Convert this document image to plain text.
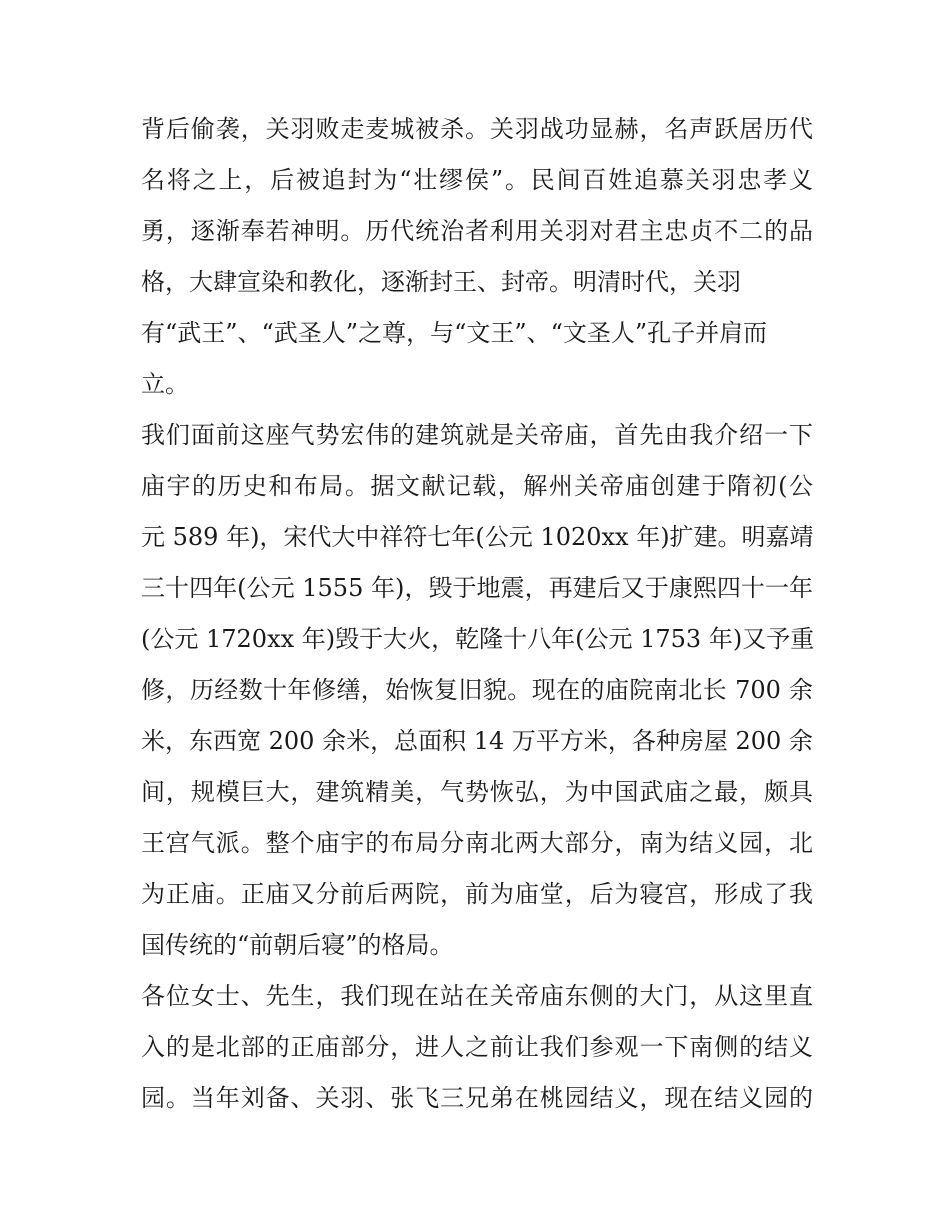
背后偷袭，关羽败走麦城被杀。关羽战功显赫，名声跃居历代
名将之上，后被追封为“壮缪侯”。民间百姓追慕关羽忠孝义
勇，逐渐奉若神明。历代统治者利用关羽对君主忠贞不二的品
格，大肆宣染和教化，逐渐封王、封帝。明清时代，关羽
有“武王”、“武圣人”之尊，与“文王”、“文圣人”孔子并肩而
立。
我们面前这座气势宏伟的建筑就是关帝庙，首先由我介绍一下
庙宇的历史和布局。据文献记载，解州关帝庙创建于隋初(公
元 589 年)，宋代大中祥符七年(公元 1020xx 年)扩建。明嘉靖
三十四年(公元 1555 年)，毁于地震，再建后又于康熙四十一年
(公元 1720xx 年)毁于大火，乾隆十八年(公元 1753 年)又予重
修，历经数十年修缮，始恢复旧貌。现在的庙院南北长 700 余
米，东西宽 200 余米，总面积 14 万平方米，各种房屋 200 余
间，规模巨大，建筑精美，气势恢弘，为中国武庙之最，颇具
王宫气派。整个庙宇的布局分南北两大部分，南为结义园，北
为正庙。正庙又分前后两院，前为庙堂，后为寝宫，形成了我
国传统的“前朝后寝”的格局。
各位女士、先生，我们现在站在关帝庙东侧的大门，从这里直
入的是北部的正庙部分，进人之前让我们参观一下南侧的结义
园。当年刘备、关羽、张飞三兄弟在桃园结义，现在结义园的
